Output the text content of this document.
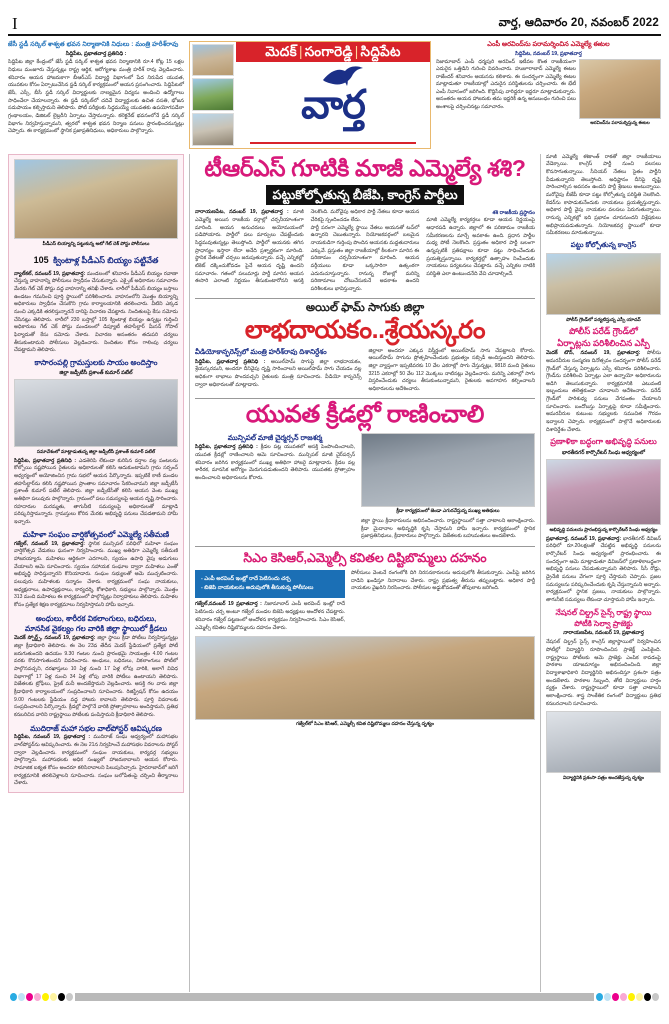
I	వార్త, ఆదివారం 20, నవంబర్ 2022
జేసీ స్టడీ సర్కిల్ శాశ్వత భవన నిర్మాణానికి నిధులు : మంత్రి హరీశ్‌రావు
సిద్దిపేట, ప్రభాతవార్త ప్రతినిధి :
సిద్దిపేట జిల్లా కేంద్రంలో జేసీ స్టడీ సర్కిల్ శాశ్వత భవన నిర్మాణానికి రూ.4 కోట్ల 15 లక్షల నిధులు మంజూరు చేస్తున్నట్లు రాష్ట్ర ఆర్థిక, ఆరోగ్యశాఖ మంత్రి హరీశ్ రావు వెల్లడించారు. శనివారం ఆయన హాజరుకాగా బీఆర్‌ఎస్ విద్యార్థి విభాగంలో పేద నిరుపేద యువత, యువకుల కోసం ఏర్పాటుచేసిన స్టడీ సర్కిల్ కార్యక్రమంలో ఆయన ప్రసంగించారు. సిద్దిపేటలో జేసీ, ఎస్సీ, బీసీ స్టడీ సర్కిల్ విద్యార్థులకు నాణ్యమైన విద్యను అందించి ఉద్యోగాలు సాధించేలా చేయాలన్నారు. ఈ స్టడీ సర్కిల్‌లో చదివే విద్యార్థులకు ఉచిత వసతి, భోజన సదుపాయం కల్పిస్తామని తెలిపారు. పోటీ పరీక్షలకు సిద్ధమయ్యే యువతకు ఉపయోగపడేలా గ్రంథాలయం, డిజిటల్ లైబ్రరీని ఏర్పాటు చేస్తామన్నారు. కలెక్టరేట్ భవనంలోనే స్టడీ సర్కిల్ విభాగం నిర్వహిస్తున్నామని, త్వరలో శాశ్వత భవన నిర్మాణ పనులు ప్రారంభించనున్నట్లు చెప్పారు. ఈ కార్యక్రమంలో స్థానిక ప్రజాప్రతినిధులు, అధికారులు పాల్గొన్నారు.
మెదక్ | సంగారెడ్డి | సిద్దిపేట
వార్త
ఎంపీ అరవింద్‌ను పరామర్శించిన ఎమ్మెల్యే ఈటల
సిద్దిపేట, నవంబర్ 19, ప్రభాతవార్త
నిజామాబాద్ ఎంపీ ధర్మపురి అరవింద్ ఇటీవల కొంత రాజకీయంగా ఎదురైన ఒత్తిడిని గురించి వివరించారు. హుజూరాబాద్ ఎమ్మెల్యే ఈటల రాజేందర్ శనివారం ఆయనను కలిశారు. ఈ సందర్భంగా ఎమ్మెల్యే ఈటల మాట్లాడుతూ రాజకీయాల్లో ఎదురైన పరిస్థితులను చర్చించారు. ఈ భేటీ ఎంపీ నివాసంలో జరిగింది. కొద్దిసేపు వారిద్దరూ ఇద్దరూ మాట్లాడుకున్నారు. అనంతరం ఆయన హాజరుకు తమ ఇద్దరికీ ఉన్న అనుబంధం గురించి పలు అంశాలపై చర్చించినట్లు సమాచారం.
అరవింద్‌ను పరామర్శిస్తున్న ఈటల
పీడీఎస్ బియ్యాన్ని పట్టుకున్న అటో గేట్ చెక్ పోస్టు పోలీసులు
105 క్వింటాళ్ల పీడీఎస్ బియ్యం పట్టివేత
న్యాల్‌కల్, నవంబర్ 19, ప్రభాతవార్త: మండలంలో శనివారం పీడీఎస్ బియ్యం రవాణా చేస్తున్న వాహనాన్ని పోలీసులు స్వాధీనం చేసుకున్నారు. ఎక్సైజ్ అధికారుల సమాచారం మేరకు గేట్ చెక్ పోస్టు వద్ద వాహనాన్ని తనిఖీ చేశారు. లారీలో పీడీఎస్ బియ్యం బస్తాలు ఉండటం గమనించి పూర్తి స్థాయిలో పరిశీలించారు. వాహనంలోని మొత్తం బియ్యాన్ని అధికారులు స్వాధీనం చేసుకొని గ్రామ కార్యాలయానికి తరలించారు. వీటిని ఎక్కడ నుంచి ఎక్కడికి తరలిస్తున్నారనే దానిపై విచారణ చేపట్టారు. నిందితులపై కేసు నమోదు చేసినట్లు తెలిపారు. లారీలో 230 బస్తాల్లో 105 క్వింటాళ్ల బియ్యం ఉన్నట్లు గుర్తించి అధికారులు గేట్ చెక్ పోస్టు మండలంలో డిప్యూటీ తహసీల్దార్ మీనన్ గోపాల్ ఫిర్యాదుతో కేసు నమోదు చేశారు. విచారణ అనంతరం తదుపరి చర్యలు తీసుకుంటామని పోలీసులు వెల్లడించారు. నిందితుల కోసం గాలింపు చర్యలు చేపట్టామని తెలిపారు.
కాసారంపల్లి గ్రామస్తులకు సాయం అందిస్తాం
జిల్లా జడ్పీటీసీ ప్రశాంత్ కుమార్ పటేల్
సమావేశంలో మాట్లాడుతున్న జిల్లా జడ్పీటీసీ ప్రశాంత్ కుమార్ పటేల్
సిద్దిపేట, ప్రభాతవార్త ప్రతినిధి : ఎడతెరిపి లేకుండా కురిసిన వర్షాల వల్ల పంటలను కోల్పోయి నష్టపోయిన రైతులను అధికారులతో కలిసి ఆదుకుంటామని గ్రామ సర్పంచ్ ఆధ్వర్యంలో ఆయోజించిన గ్రామ సభలో ఆయన పేర్కొన్నారు. ఇప్పటికే కాణీ మండల తహసీల్దార్‌ను కలిసి నష్టపోయిన ప్రాంతాల సమాచారం సేకరించామని జిల్లా జడ్పీటీసీ ప్రశాంత్ కుమార్ పటేల్ తెలిపారు. జిల్లా జడ్పీటీసీతో కలిసి ఆయన వెంట ముఖ్య అతిథిగా పలువురు పాల్గొన్నారు. గ్రామంలో పలు సమస్యలపై ఆయన దృష్టి సారించారు. రహదారుల మరమ్మతు, తాగునీటి సమస్యలపై అధికారులతో మాట్లాడి పరిష్కరిస్తామన్నారు. గ్రామస్తులు కోరిన మేరకు అభివృద్ధి పనులు చేపడతామని హామీ ఇచ్చారు.
మహిళా సంఘం వార్షికోత్సవంలో ఎమ్మెల్యే సతీమణి
గజ్వేల్, నవంబర్ 19, ప్రభాతవార్త: స్థానిక మున్సిపల్ పరిధిలో మహిళా సంఘం వార్షికోత్సవ వేడుకలు ఘనంగా నిర్వహించారు. ముఖ్య అతిథిగా ఎమ్మెల్యే సతీమణి హాజరయ్యారు. మహిళలు ఆర్థికంగా ఎదగాలని, స్వయం ఉపాధి వైపు అడుగులు వేయాలని ఆమె సూచించారు. స్వయం సహాయక సంఘాల ద్వారా మహిళలు ఎంతో అభివృద్ధి సాధిస్తున్నారని కొనియాడారు. సంఘం సభ్యులతో ఆమె ముచ్చటించారు. పలువురు మహిళలకు సన్మానం చేశారు. కార్యక్రమంలో సంఘ నాయకులు, అధ్యక్షురాలు, ఉపాధ్యక్షురాలు, కార్యదర్శి, కోశాధికారి, సభ్యులు పాల్గొన్నారు. మొత్తం 313 మంది మహిళలు ఈ కార్యక్రమంలో పాల్గొన్నట్లు నిర్వాహకులు తెలిపారు. మహిళల కోసం ప్రత్యేక శిక్షణ కార్యక్రమాలు నిర్వహిస్తామని హామీ ఇచ్చారు.
అంధులు, శారీరక వికలాంగులు, బధిరులు,
మానసిక వైకల్యం గల వారికి జిల్లా స్థాయిలో క్రీడలు
మెదక్ స్పోర్ట్స్, నవంబర్ 19, ప్రభాతవార్త: జిల్లా స్థాయి క్రీడా పోటీలు నిర్వహిస్తున్నట్లు జిల్లా క్రీడాధికారి తెలిపారు. ఈ నెల 23వ తేదీన మెదక్ స్టేడియంలో ప్రత్యేక పోటీ జరుగుతుందని ఉదయం 9.30 గంటల నుంచి ప్రారంభమై సాయంత్రం 4.00 గంటల వరకు కొనసాగుతుందని వివరించారు. అంధులు, బధిరులు, వికలాంగులు పోటీలో పాల్గొనవచ్చని, దరఖాస్తులు 10 ఏళ్ల నుంచి 17 ఏళ్ల లోపు వారికి, అలాగే వివిధ విభాగాల్లో 17 ఏళ్ల నుంచి 34 ఏళ్ల లోపు వారికి పోటీలు ఉంటాయని తెలిపారు. విజేతలకు ట్రోఫీలు, ప్రైజ్ మనీ అందజేస్తామని వెల్లడించారు. ఆసక్తి గల వారు జిల్లా క్రీడాధికారి కార్యాలయంలో సంప్రదించాలని సూచించారు. రిజిస్ట్రేషన్ కోసం ఉదయం 9.00 గంటలకు స్టేడియం వద్ద హాజరు కావాలని తెలిపారు. పూర్తి వివరాలకు సంప్రదించాలని పేర్కొన్నారు. క్రీడల్లో పాల్గొనే వారికి ప్రోత్సాహకాలు అందిస్తామని, ప్రతిభ కనబరిచిన వారిని రాష్ట్రస్థాయి పోటీలకు పంపిస్తామని క్రీడాధికారి తెలిపారు.
ముదిరాజ్ మహా సభల వాల్‌పోస్టర్ ఆవిష్కరణ
సిద్దిపేట, నవంబర్ 19, ప్రభాతవార్త : ముదిరాజ్ సంఘ ఆధ్వర్యంలో మహాసభల వాల్‌పోస్టర్‌ను ఆవిష్కరించారు. ఈ నెల 21న నిర్వహించే మహాసభల వివరాలను పోస్టర్ ద్వారా వెల్లడించారు. కార్యక్రమంలో సంఘం నాయకులు, కార్యవర్గ సభ్యులు పాల్గొన్నారు. మహాసభలకు అధిక సంఖ్యలో హాజరుకావాలని ఆయన కోరారు. సామాజిక ఐక్యత కోసం అందరూ కలిసిరావాలని పిలుపునిచ్చారు. హైదరాబాద్‌లో జరిగే కార్యక్రమానికి తరలివెళ్లాలని సూచించారు. సంఘం బలోపేతంపై చర్చించి తీర్మానాలు చేశారు.
టీఆర్‌ఎస్ గూటికి మాజీ ఎమ్మెల్యే శశి?
పట్టుకోల్పోతున్న బీజేపి, కాంగ్రెస్ పార్టీలు
నారాయణపేట, నవంబర్ 19, ప్రభాతవార్త : మాజీ ఎమ్మెల్యే అయిన రాజకీయ వర్గాల్లో చర్చనీయాంశంగా మారింది. ఆయన అనుచరులు అయోమయంలో పడిపోయారు. పార్టీలో పలు మార్పులు చేపట్టేందుకు సిద్ధమవుతున్నట్లు తెలుస్తోంది. పార్టీలో ఆయనకు తగిన ప్రాధాన్యం ఇస్తారా లేదా అనేది ప్రశ్నార్థకంగా మారింది. స్థానిక నేతలతో చర్చలు జరుపుతున్నారు. వచ్చే ఎన్నికల్లో టికెట్ దక్కించుకోవడం పైనే ఆయన దృష్టి ఉందని సమాచారం. గతంలో పలుమార్లు పార్టీ మారిన ఆయన ఈసారి ఎలాంటి నిర్ణయం తీసుకుంటారోనని ఆసక్తి నెలకొంది. మరోవైపు అధికార పార్టీ నేతలు కూడా ఆయన చేరికపై స్పందించడం లేదు.
పార్టీ పరంగా ఎమ్మెల్యే స్థాయి నేతలు ఆయనతో టచ్‌లో ఉన్నారని చెబుతున్నారు. నియోజకవర్గంలో బలమైన నాయకుడిగా గుర్తింపు పొందిన ఆయనకు మద్దతుదారులు ఎక్కువే. ప్రస్తుతం జిల్లా రాజకీయాల్లో కీలకంగా మారిన ఈ పరిణామం చర్చనీయాంశంగా మారింది. ఆయన వర్గీయులు కూడా ఒక్కసారిగా ఉత్కంఠగా ఎదురుచూస్తున్నారు. రానున్న రోజుల్లో మరిన్ని పరిణామాలు చోటుచేసుకునే అవకాశం ఉందని పరిశీలకులు భావిస్తున్నారు.
శశి రాజకీయ ప్రస్థానం
మాజీ ఎమ్మెల్యే కార్యకర్తలు కూడా ఆయన నిర్ణయంపై ఆధారపడి ఉన్నారు. జిల్లాలో ఈ పరిణామం రాజకీయ సమీకరణలను మార్చే అవకాశం ఉంది. ప్రధాన పార్టీల మధ్య పోటీ నెలకొంది. ప్రస్తుతం అధికార పార్టీ బలంగా ఉన్నప్పటికీ ప్రతిపక్షాలు కూడా పట్టు సాధించేందుకు ప్రయత్నిస్తున్నాయి. కార్యకర్తల్లో ఉత్సాహం నింపేందుకు నాయకులు పర్యటనలు చేపట్టారు. వచ్చే ఎన్నికల నాటికి పరిస్థితి ఎలా ఉంటుందనేది వేచి చూడాల్సిందే.
అయిల్ ఫామ్ సాగుకు జిల్లా
లాభదాయకం..శ్రేయస్కరం
వీడియోకాన్ఫరెన్స్‌లో మంత్రి హరీశ్‌రావు దిశానిర్దేశం
సిద్దిపేట, ప్రభాతవార్త ప్రతినిధి : ఆయిల్‌పామ్ సాగుపై జిల్లా లాభదాయకం, శ్రేయస్కరమని, అందరూ దీనివైపు దృష్టి సారించాలని ఆయిల్‌పామ్ సాగు చేయడం వల్ల అధికంగా లాభాలు పొందవచ్చని రైతులకు మంత్రి సూచించారు. వీడియో కాన్ఫరెన్స్ ద్వారా అధికారులతో మాట్లాడారు.
జిల్లాలా అందరూ ఎక్కువ విస్తీర్ణంలో ఆయిల్‌పామ్ సాగు చేపట్టాలని కోరారు. ఆయిల్‌పామ్ సాగును ప్రోత్సహించేందుకు ప్రభుత్వం సబ్సిడీ అందిస్తుందని తెలిపారు. జిల్లా వ్యాప్తంగా ఇప్పటివరకు 10 వేల ఎకరాల్లో సాగు చేస్తున్నట్లు, 9818 మంది రైతులు 3215 ఎకరాల్లో 50 వేల 112 మొక్కలు నాటినట్లు వెల్లడించారు. మరిన్ని ఎకరాల్లో సాగు విస్తరించేందుకు చర్యలు తీసుకుంటున్నామని, రైతులకు అవగాహన కల్పించాలని అధికారులను ఆదేశించారు.
యువత క్రీడల్లో రాణించాలి
మున్సిపల్ మాజీ చైర్మర్సన్ రాజశర్మ
సిద్దిపేట, ప్రభాతవార్త ప్రతినిధి : క్రీడల పట్ల యువతలో ఆసక్తి పెంపొందించాలని, యువత క్రీడల్లో రాణించాలని ఆమె సూచించారు. మున్సిపల్ మాజీ చైర్‌పర్సన్ శనివారం జరిగిన కార్యక్రమంలో ముఖ్య అతిథిగా హాజరై మాట్లాడారు. క్రీడల వల్ల శారీరక, మానసిక ఆరోగ్యం మెరుగుపడుతుందని తెలిపారు. యువతకు ప్రోత్సాహం అందించాలని అధికారులను కోరారు.
క్రీడా కార్యక్రమంలో జెండా ఎగురవేస్తున్న ముఖ్య అతిథులు
జిల్లా స్థాయి క్రీడాకారులను అభినందించారు. రాష్ట్రస్థాయిలో సత్తా చాటాలని ఆకాంక్షించారు. క్రీడా మైదానాల అభివృద్ధికి కృషి చేస్తామని హామీ ఇచ్చారు. కార్యక్రమంలో స్థానిక ప్రజాప్రతినిధులు, క్రీడాకారులు పాల్గొన్నారు. విజేతలకు బహుమతులు అందజేశారు.
సిఎం కెసిఆర్,ఎమ్మెల్సీ కవితల దిష్టిబొమ్మలు దహనం
- ఎంపీ అరవింద్ ఇంట్లో రాదే పెటిసందు చర్చ
- బిజెపి నాయకులను అదుపులోకి తీసుకున్న పోలీసులు
గజ్వేల్,నవంబర్ 19 ప్రభాతవార్త : నిజామాబాద్ ఎంపీ అరవింద్ ఇంట్లో రాదే పెటిసందు చర్చ అంటూ గజ్వేల్ మండల బిజెపి అధ్యక్షులు ఆందోళన చేపట్టారు. శనివారం గజ్వేల్ పట్టణంలో ఆందోళన కార్యక్రమం నిర్వహించారు. సిఎం కెసిఆర్, ఎమ్మెల్సీ కవితల దిష్టిబొమ్మలను దహనం చేశారు.
పోలీసులు వెంటనే రంగంలోకి దిగి నిరసనకారులను అదుపులోకి తీసుకున్నారు. ఎంపీపై జరిగిన దాడిని ఖండిస్తూ నినాదాలు చేశారు. రాష్ట్ర ప్రభుత్వ తీరును తప్పుబట్టారు. అధికార పార్టీ నాయకుల వైఖరిని నిరసించారు. పోలీసుల అడ్డుకోవడంతో తోపులాట జరిగింది.
గజ్వేల్‌లో సిఎం కెసిఆర్, ఎమ్మెల్సీ కవిత దిష్టిబొమ్మలు దహనం చేస్తున్న దృశ్యం
మాజీ ఎమ్మెల్యే శశికాంత్ రాకతో జిల్లా రాజకీయాలు వేడెక్కాయి. కాంగ్రెస్ పార్టీ నుంచి వలసలు కొనసాగుతున్నాయి. సీనియర్ నేతలు సైతం పార్టీని వీడుతున్నారని తెలుస్తోంది. అధిష్టానం దీనిపై దృష్టి సారించాల్సిన అవసరం ఉందని పార్టీ శ్రేణులు అంటున్నాయి. మరోవైపు బీజేపీ కూడా పట్టు కోల్పోతున్న పరిస్థితి నెలకొంది. కేడర్‌ను కాపాడుకునేందుకు నాయకులు ప్రయత్నిస్తున్నారు. అధికార పార్టీ వైపు నాయకుల వలసలు పెరుగుతున్నాయి. రానున్న ఎన్నికల్లో ఇది ప్రభావం చూపనుందని విశ్లేషకులు అభిప్రాయపడుతున్నారు. నియోజకవర్గ స్థాయిలో కూడా సమీకరణలు మారుతున్నాయి.
పట్టు కోల్పోతున్న కాంగ్రెస్
పోలీస్ గ్రౌండ్‌లో పర్యటిస్తున్న ఎస్పీ యాదవ్
పోలీస్ పరేడ్ గ్రౌండ్‌లో
ఏర్పాట్లను పరిశీలించిన ఎస్పీ
మెదక్ టౌన్, నవంబర్ 19, ప్రభాతవార్త: పోలీసు అమరవీరుల సంస్మరణ దినోత్సవం సందర్భంగా పోలీస్ పరేడ్ గ్రౌండ్‌లో చేస్తున్న ఏర్పాట్లను ఎస్పీ శనివారం పరిశీలించారు. గ్రౌండ్‌ను పరిశీలించి ఏర్పాట్లు ఎలా ఉన్నాయో అధికారులను అడిగి తెలుసుకున్నారు. కార్యక్రమానికి ఎటువంటి ఇబ్బందులు తలెత్తకుండా చూడాలని ఆదేశించారు. పరేడ్ గ్రౌండ్‌లో పారిశుధ్య పనులు వేగవంతం చేయాలని సూచించారు. బందోబస్తు ఏర్పాట్లపై కూడా సమీక్షించారు. అమరవీరుల కుటుంబ సభ్యులకు సముచిత గౌరవం ఇవ్వాలని చెప్పారు. కార్యక్రమంలో పాల్గొనే అధికారులకు దిశానిర్దేశం చేశారు.
ప్రణాళికా బద్ధంగా అభివృద్ధి పనులు
భారతీనగర్ కార్పొరేటర్ సింధు ఆధ్వర్యంలో
అభివృద్ధి పనులను ప్రారంభిస్తున్న కార్పొరేటర్ సింధు ఆధ్వర్యం
ప్రభాతవార్త, నవంబర్ 19, ప్రభాతవార్త: భారతీనగర్ డివిజన్ పరిధిలో రూ.20లక్షలతో చేపట్టిన అభివృద్ధి పనులను కార్పొరేటర్ సింధు ఆధ్వర్యంలో ప్రారంభించారు. ఈ సందర్భంగా ఆమె మాట్లాడుతూ డివిజన్‌లో ప్రణాళికాబద్ధంగా అభివృద్ధి పనులు చేపడుతున్నామని తెలిపారు. సీసీ రోడ్లు, డ్రైనేజీ పనులు వేగంగా పూర్తి చేస్తామని చెప్పారు. ప్రజల సమస్యలను పరిష్కరించేందుకు కృషి చేస్తున్నామని అన్నారు. కార్యక్రమంలో స్థానిక ప్రజలు, నాయకులు పాల్గొన్నారు. తాగునీటి సమస్యలు లేకుండా చూస్తామని హామీ ఇచ్చారు.
నేషనల్ చిల్డ్రన్ సైన్స్ రాష్ట్ర స్థాయి
పోటీకి సెల్వా ప్రాజెక్టు
నారాయణపేట, నవంబర్ 19, ప్రభాతవార్త
నేషనల్ చిల్డ్రన్ సైన్స్ కాంగ్రెస్ జిల్లాస్థాయిలో నిర్వహించిన పోటీల్లో విద్యార్థిని రూపొందించిన ప్రాజెక్ట్ ఎంపికైంది. రాష్ట్రస్థాయి పోటీలకు ఆమె ప్రాజెక్టు ఎంపిక కావడంపై పాఠశాల యాజమాన్యం అభినందించింది. జిల్లా విద్యాశాఖాధికారి విద్యార్థినిని అభినందిస్తూ ప్రశంసా పత్రం అందజేశారు. పాఠశాల సిబ్బంది, తోటి విద్యార్థులు హర్షం వ్యక్తం చేశారు. రాష్ట్రస్థాయిలో కూడా సత్తా చాటాలని ఆకాంక్షించారు. శాస్త్ర సాంకేతిక రంగంలో విద్యార్థులు ప్రతిభ కనబరచాలని సూచించారు.
విద్యార్థినికి ప్రశంసా పత్రం అందజేస్తున్న దృశ్యం
